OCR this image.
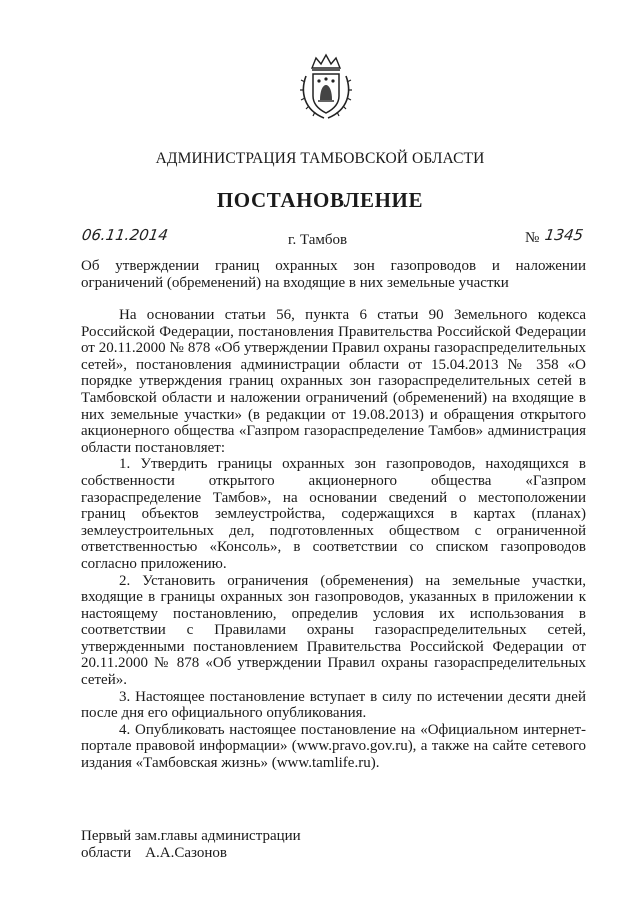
АДМИНИСТРАЦИЯ ТАМБОВСКОЙ ОБЛАСТИ
ПОСТАНОВЛЕНИЕ
06.11.2014	г. Тамбов	№ 1345
Об утверждении границ охранных зон газопроводов и наложении ограничений (обременений) на входящие в них земельные участки

На основании статьи 56, пункта 6 статьи 90 Земельного кодекса Российской Федерации, постановления Правительства Российской Федерации от 20.11.2000 № 878 «Об утверждении Правил охраны газораспределительных сетей», постановления администрации области от 15.04.2013 № 358 «О порядке утверждения границ охранных зон газораспределительных сетей в Тамбовской области и наложении ограничений (обременений) на входящие в них земельные участки» (в редакции от 19.08.2013) и обращения открытого акционерного общества «Газпром газораспределение Тамбов» администрация области постановляет:

1. Утвердить границы охранных зон газопроводов, находящихся в собственности открытого акционерного общества «Газпром газораспределение Тамбов», на основании сведений о местоположении границ объектов землеустройства, содержащихся в картах (планах) землеустроительных дел, подготовленных обществом с ограниченной ответственностью «Консоль», в соответствии со списком газопроводов согласно приложению.

2. Установить ограничения (обременения) на земельные участки, входящие в границы охранных зон газопроводов, указанных в приложении к настоящему постановлению, определив условия их использования в соответствии с Правилами охраны газораспределительных сетей, утвержденными постановлением Правительства Российской Федерации от 20.11.2000 № 878 «Об утверждении Правил охраны газораспределительных сетей».

3. Настоящее постановление вступает в силу по истечении десяти дней после дня его официального опубликования.

4. Опубликовать настоящее постановление на «Официальном интернет-портале правовой информации» (www.pravo.gov.ru), а также на сайте сетевого издания «Тамбовская жизнь» (www.tamlife.ru).

Первый зам.главы администрации
области А.А.Сазонов
